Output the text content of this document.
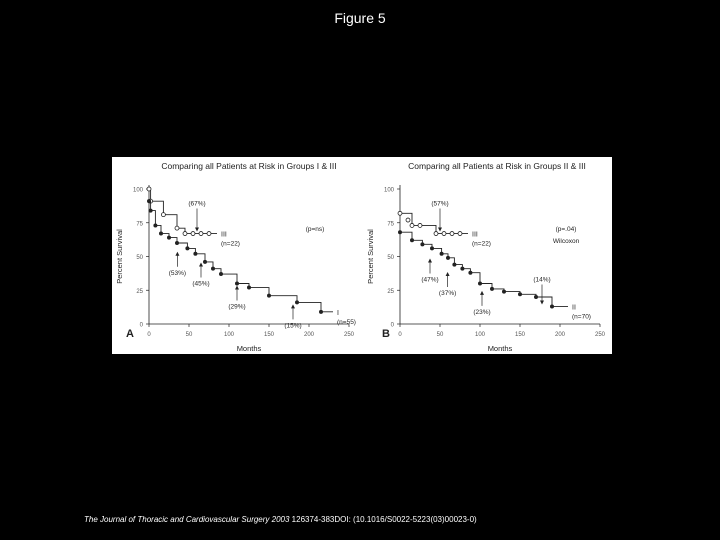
Figure 5
Comparing all Patients at Risk in Groups I & III
0
25
50
75
100
0	50	100	150	200	250
Months
Percent Survival
A
(p=ns)
III
(n=22)
I
(n=55)
(67%)
(53%)
(45%)
(29%)
(15%)
Comparing all Patients at Risk in Groups II & III
0
25
50
75
100
0	50	100	150	200	250
Months
Percent Survival
B
(p=.04)
Wilcoxon
III
(n=22)
II
(n=70)
(57%)
(47%)
(37%)
(23%)
(14%)
The Journal of Thoracic and Cardiovascular Surgery 2003 126374-383DOI: (10.1016/S0022-5223(03)00023-0)
